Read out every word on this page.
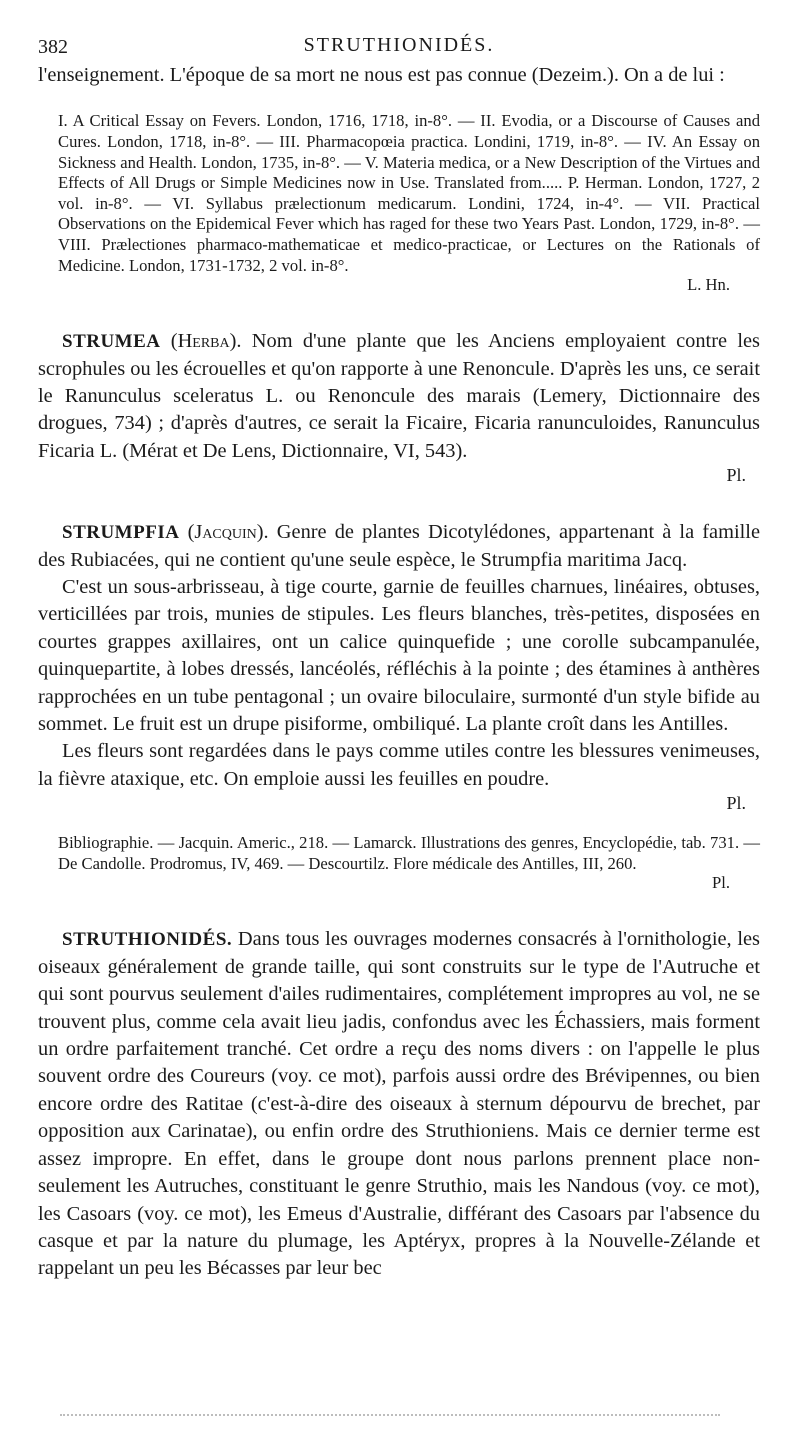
382	STRUTHIONIDÉS.

l'enseignement. L'époque de sa mort ne nous est pas connue (Dezeim.). On a de lui :

I. A Critical Essay on Fevers. London, 1716, 1718, in-8°. — II. Evodia, or a Discourse of Causes and Cures. London, 1718, in-8°. — III. Pharmacopœia practica. Londini, 1719, in-8°. — IV. An Essay on Sickness and Health. London, 1735, in-8°. — V. Materia medica, or a New Description of the Virtues and Effects of All Drugs or Simple Medicines now in Use. Translated from..... P. Herman. London, 1727, 2 vol. in-8°. — VI. Syllabus prælectionum medicarum. Londini, 1724, in-4°. — VII. Practical Observations on the Epidemical Fever which has raged for these two Years Past. London, 1729, in-8°. — VIII. Prælectiones pharmaco-mathematicae et medico-practicae, or Lectures on the Rationals of Medicine. London, 1731-1732, 2 vol. in-8°.

L. Hn.

STRUMEA (Herba). Nom d'une plante que les Anciens employaient contre les scrophules ou les écrouelles et qu'on rapporte à une Renoncule. D'après les uns, ce serait le Ranunculus sceleratus L. ou Renoncule des marais (Lemery, Dictionnaire des drogues, 734) ; d'après d'autres, ce serait la Ficaire, Ficaria ranunculoides, Ranunculus Ficaria L. (Mérat et De Lens, Dictionnaire, VI, 543).

Pl.

STRUMPFIA (Jacquin). Genre de plantes Dicotylédones, appartenant à la famille des Rubiacées, qui ne contient qu'une seule espèce, le Strumpfia maritima Jacq.

C'est un sous-arbrisseau, à tige courte, garnie de feuilles charnues, linéaires, obtuses, verticillées par trois, munies de stipules. Les fleurs blanches, très-petites, disposées en courtes grappes axillaires, ont un calice quinquefide ; une corolle subcampanulée, quinquepartite, à lobes dressés, lancéolés, réfléchis à la pointe ; des étamines à anthères rapprochées en un tube pentagonal ; un ovaire biloculaire, surmonté d'un style bifide au sommet. Le fruit est un drupe pisiforme, ombiliqué. La plante croît dans les Antilles.

Les fleurs sont regardées dans le pays comme utiles contre les blessures venimeuses, la fièvre ataxique, etc. On emploie aussi les feuilles en poudre.

Pl.

Bibliographie. — Jacquin. Americ., 218. — Lamarck. Illustrations des genres, Encyclopédie, tab. 731. — De Candolle. Prodromus, IV, 469. — Descourtilz. Flore médicale des Antilles, III, 260.

Pl.

STRUTHIONIDÉS. Dans tous les ouvrages modernes consacrés à l'ornithologie, les oiseaux généralement de grande taille, qui sont construits sur le type de l'Autruche et qui sont pourvus seulement d'ailes rudimentaires, complétement impropres au vol, ne se trouvent plus, comme cela avait lieu jadis, confondus avec les Échassiers, mais forment un ordre parfaitement tranché. Cet ordre a reçu des noms divers : on l'appelle le plus souvent ordre des Coureurs (voy. ce mot), parfois aussi ordre des Brévipennes, ou bien encore ordre des Ratitae (c'est-à-dire des oiseaux à sternum dépourvu de brechet, par opposition aux Carinatae), ou enfin ordre des Struthioniens. Mais ce dernier terme est assez impropre. En effet, dans le groupe dont nous parlons prennent place non-seulement les Autruches, constituant le genre Struthio, mais les Nandous (voy. ce mot), les Casoars (voy. ce mot), les Emeus d'Australie, différant des Casoars par l'absence du casque et par la nature du plumage, les Aptéryx, propres à la Nouvelle-Zélande et rappelant un peu les Bécasses par leur bec
